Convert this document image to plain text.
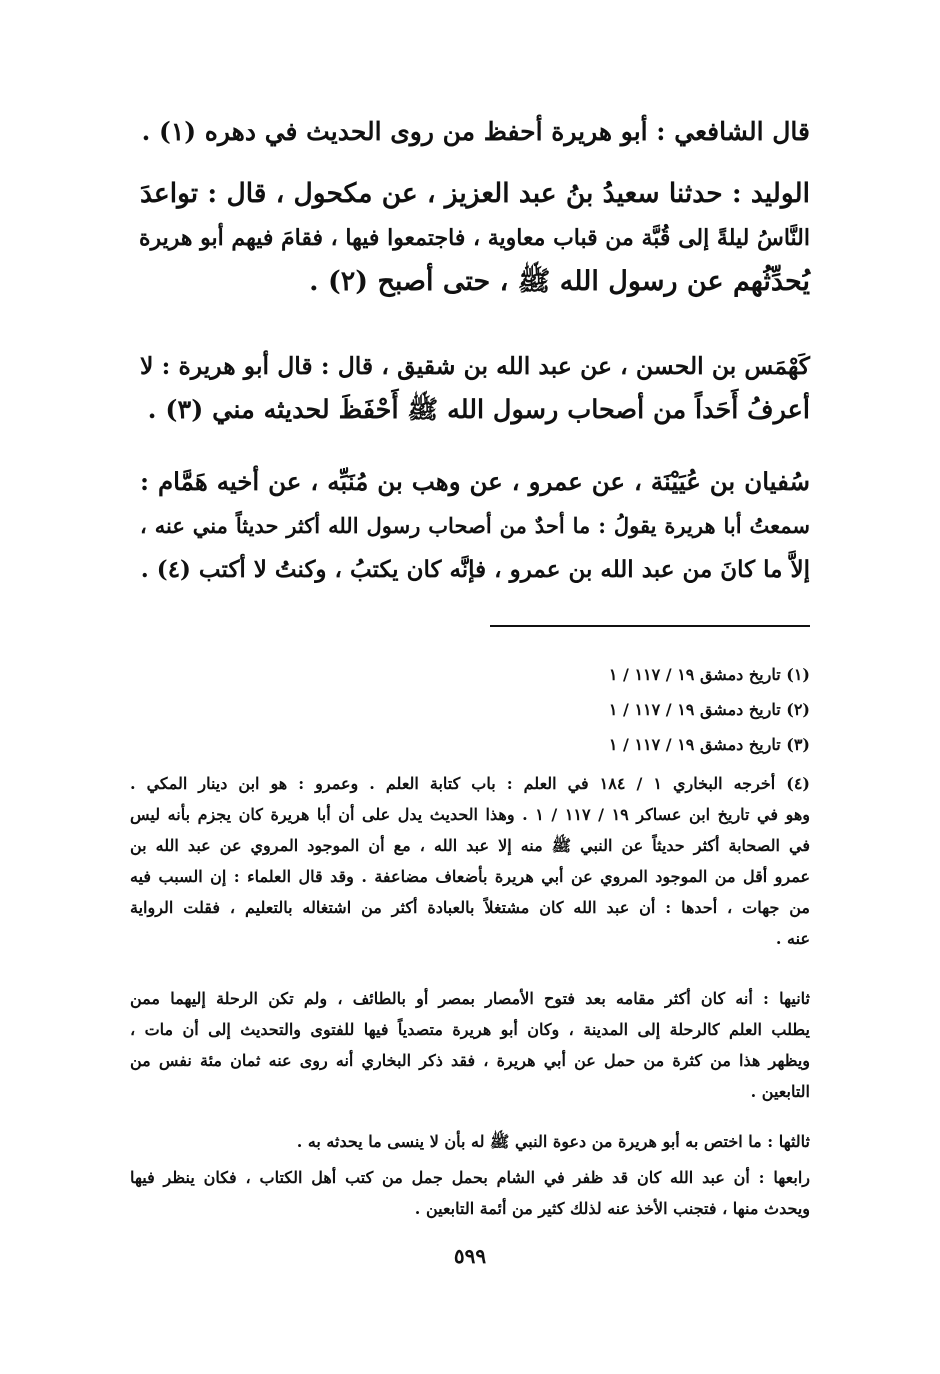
قال الشافعي : أبو هريرة أحفظ من روى الحديث في دهره (١) .
الوليد : حدثنا سعيدُ بنُ عبد العزيز ، عن مكحول ، قال : تواعدَ
النَّاسُ ليلةً إلى قُبَّة من قباب معاوية ، فاجتمعوا فيها ، فقامَ فيهم أبو هريرة
يُحدِّثُهم عن رسول الله ﷺ ، حتى أصبح (٢) .
كَهْمَس بن الحسن ، عن عبد الله بن شقيق ، قال : قال أبو هريرة : لا
أعرفُ أَحَداً من أصحاب رسول الله ﷺ أَحْفَظَ لحديثه مني (٣) .
سُفيان بن عُيَيْنَة ، عن عمرو ، عن وهب بن مُنَبِّه ، عن أخيه هَمَّام :
سمعتُ أبا هريرة يقولُ : ما أحدٌ من أصحاب رسول الله أكثر حديثاً مني عنه ،
إلاَّ ما كانَ من عبد الله بن عمرو ، فإنَّه كان يكتبُ ، وكنتُ لا أكتب (٤) .
(١) تاريخ دمشق ١٩ / ١١٧ / ١
(٢) تاريخ دمشق ١٩ / ١١٧ / ١
(٣) تاريخ دمشق ١٩ / ١١٧ / ١
(٤) أخرجه البخاري ١ / ١٨٤ في العلم : باب كتابة العلم . وعمرو : هو ابن دينار المكي .
وهو في تاريخ ابن عساكر ١٩ / ١١٧ / ١ . وهذا الحديث يدل على أن أبا هريرة كان يجزم بأنه ليس
في الصحابة أكثر حديثاً عن النبي ﷺ منه إلا عبد الله ، مع أن الموجود المروي عن عبد الله بن
عمرو أقل من الموجود المروي عن أبي هريرة بأضعاف مضاعفة . وقد قال العلماء : إن السبب فيه
من جهات ، أحدها : أن عبد الله كان مشتغلاً بالعبادة أكثر من اشتغاله بالتعليم ، فقلت الرواية
عنه .
ثانيها : أنه كان أكثر مقامه بعد فتوح الأمصار بمصر أو بالطائف ، ولم تكن الرحلة إليهما ممن
يطلب العلم كالرحلة إلى المدينة ، وكان أبو هريرة متصدياً فيها للفتوى والتحديث إلى أن مات ،
ويظهر هذا من كثرة من حمل عن أبي هريرة ، فقد ذكر البخاري أنه روى عنه ثمان مئة نفس من
التابعين .
ثالثها : ما اختص به أبو هريرة من دعوة النبي ﷺ له بأن لا ينسى ما يحدثه به .
رابعها : أن عبد الله كان قد ظفر في الشام بحمل جمل من كتب أهل الكتاب ، فكان ينظر فيها
ويحدث منها ، فتجنب الأخذ عنه لذلك كثير من أئمة التابعين .
٥٩٩
